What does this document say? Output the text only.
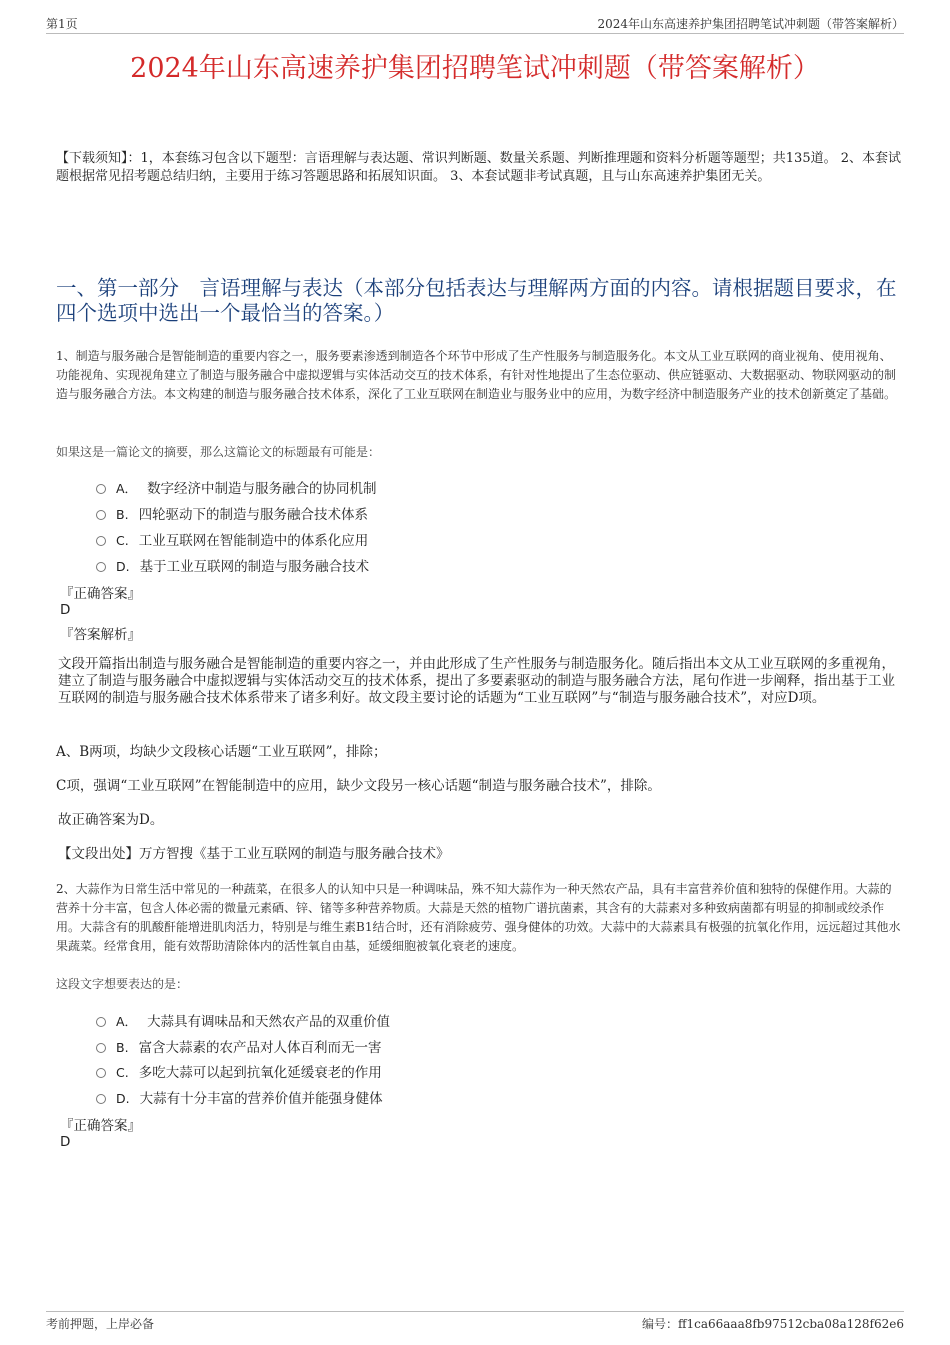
第1页	2024年山东高速养护集团招聘笔试冲刺题（带答案解析）
2024年山东高速养护集团招聘笔试冲刺题（带答案解析）
【下载须知】：1，本套练习包含以下题型：言语理解与表达题、常识判断题、数量关系题、判断推理题和资料分析题等题型；共135道。 2、本套试题根据常见招考题总结归纳，主要用于练习答题思路和拓展知识面。 3、本套试题非考试真题，且与山东高速养护集团无关。
一、第一部分　言语理解与表达（本部分包括表达与理解两方面的内容。请根据题目要求，在四个选项中选出一个最恰当的答案。）
1、制造与服务融合是智能制造的重要内容之一，服务要素渗透到制造各个环节中形成了生产性服务与制造服务化。本文从工业互联网的商业视角、使用视角、功能视角、实现视角建立了制造与服务融合中虚拟逻辑与实体活动交互的技术体系，有针对性地提出了生态位驱动、供应链驱动、大数据驱动、物联网驱动的制造与服务融合方法。本文构建的制造与服务融合技术体系，深化了工业互联网在制造业与服务业中的应用，为数字经济中制造服务产业的技术创新奠定了基础。
如果这是一篇论文的摘要，那么这篇论文的标题最有可能是：
A． 数字经济中制造与服务融合的协同机制
B. 四轮驱动下的制造与服务融合技术体系
C. 工业互联网在智能制造中的体系化应用
D. 基于工业互联网的制造与服务融合技术
『正确答案』
D
『答案解析』
文段开篇指出制造与服务融合是智能制造的重要内容之一，并由此形成了生产性服务与制造服务化。随后指出本文从工业互联网的多重视角，建立了制造与服务融合中虚拟逻辑与实体活动交互的技术体系，提出了多要素驱动的制造与服务融合方法，尾句作进一步阐释，指出基于工业互联网的制造与服务融合技术体系带来了诸多利好。故文段主要讨论的话题为“工业互联网”与“制造与服务融合技术”，对应D项。
A、B两项，均缺少文段核心话题“工业互联网”，排除；
C项，强调“工业互联网”在智能制造中的应用，缺少文段另一核心话题“制造与服务融合技术”，排除。
故正确答案为D。
【文段出处】万方智搜《基于工业互联网的制造与服务融合技术》
2、大蒜作为日常生活中常见的一种蔬菜，在很多人的认知中只是一种调味品，殊不知大蒜作为一种天然农产品，具有丰富营养价值和独特的保健作用。大蒜的营养十分丰富，包含人体必需的微量元素硒、锌、锗等多种营养物质。大蒜是天然的植物广谱抗菌素，其含有的大蒜素对多种致病菌都有明显的抑制或绞杀作用。大蒜含有的肌酸酐能增进肌肉活力，特别是与维生素B1结合时，还有消除疲劳、强身健体的功效。大蒜中的大蒜素具有极强的抗氧化作用，远远超过其他水果蔬菜。经常食用，能有效帮助清除体内的活性氧自由基，延缓细胞被氧化衰老的速度。
这段文字想要表达的是：
A． 大蒜具有调味品和天然农产品的双重价值
B. 富含大蒜素的农产品对人体百利而无一害
C. 多吃大蒜可以起到抗氧化延缓衰老的作用
D. 大蒜有十分丰富的营养价值并能强身健体
『正确答案』
D
考前押题，上岸必备	编号：ff1ca66aaa8fb97512cba08a128f62e6
